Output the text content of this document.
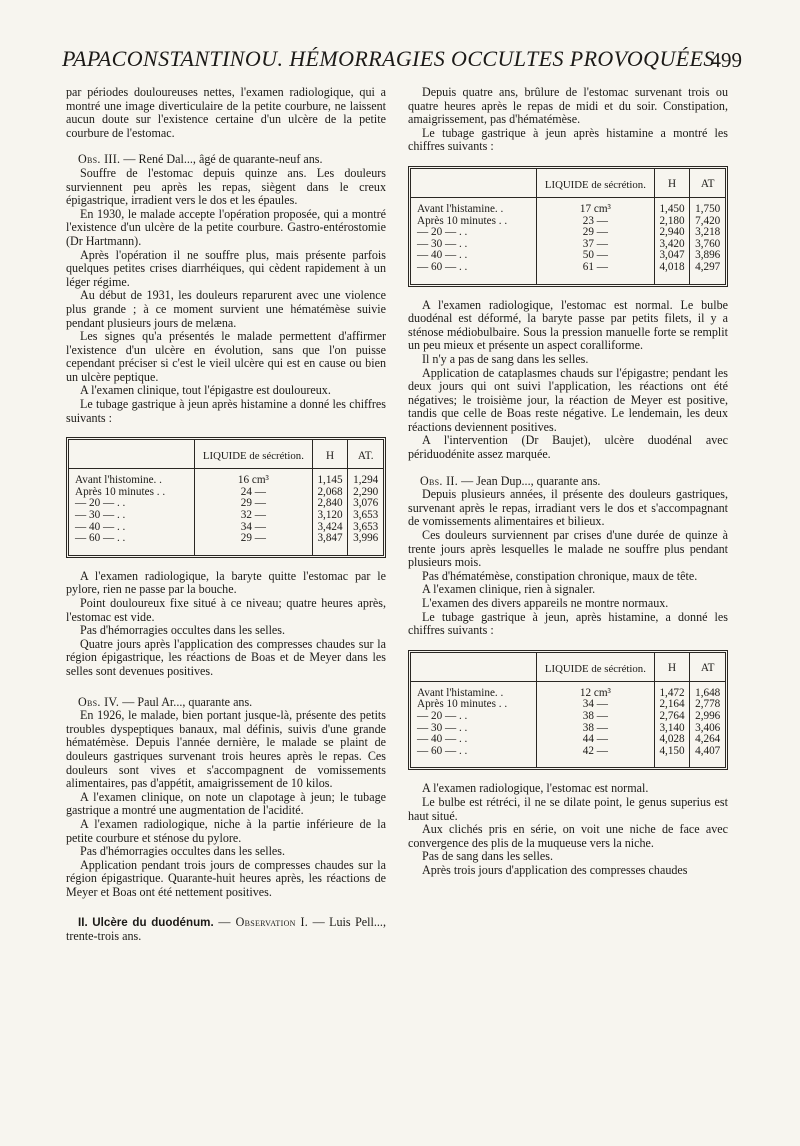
PAPACONSTANTINOU. HÉMORRAGIES OCCULTES PROVOQUÉES
499

par périodes douloureuses nettes, l'examen radiologique, qui a montré une image diverticulaire de la petite courbure, ne laissent aucun doute sur l'existence certaine d'un ulcère de la petite courbure de l'estomac.

Obs. III. — René Dal..., âgé de quarante-neuf ans.

Souffre de l'estomac depuis quinze ans. Les douleurs surviennent peu après les repas, siègent dans le creux épigastrique, irradient vers le dos et les épaules.

En 1930, le malade accepte l'opération proposée, qui a montré l'existence d'un ulcère de la petite courbure. Gastro-entérostomie (Dr Hartmann).

Après l'opération il ne souffre plus, mais présente parfois quelques petites crises diarrhéiques, qui cèdent rapidement à un léger régime.

Au début de 1931, les douleurs reparurent avec une violence plus grande ; à ce moment survient une hématémèse suivie pendant plusieurs jours de melæna.

Les signes qu'a présentés le malade permettent d'affirmer l'existence d'un ulcère en évolution, sans que l'on puisse cependant préciser si c'est le vieil ulcère qui est en cause ou bien un ulcère peptique.

A l'examen clinique, tout l'épigastre est douloureux.

Le tubage gastrique à jeun après histamine a donné les chiffres suivants :

	LIQUIDE de sécrétion.	H	AT.
Avant l'histomine. .	16 cm³	1,145	1,294
Après 10 minutes . .	24 —	2,068	2,290
— 20 — . .	29 —	2,840	3,076
— 30 — . .	32 —	3,120	3,653
— 40 — . .	34 —	3,424	3,653
— 60 — . .	29 —	3,847	3,996

A l'examen radiologique, la baryte quitte l'estomac par le pylore, rien ne passe par la bouche.

Point douloureux fixe situé à ce niveau; quatre heures après, l'estomac est vide.

Pas d'hémorragies occultes dans les selles.

Quatre jours après l'application des compresses chaudes sur la région épigastrique, les réactions de Boas et de Meyer dans les selles sont devenues positives.

Obs. IV. — Paul Ar..., quarante ans.

En 1926, le malade, bien portant jusque-là, présente des petits troubles dyspeptiques banaux, mal définis, suivis d'une grande hématémèse. Depuis l'année dernière, le malade se plaint de douleurs gastriques survenant trois heures après le repas. Ces douleurs sont vives et s'accompagnent de vomissements alimentaires, pas d'appétit, amaigrissement de 10 kilos.

A l'examen clinique, on note un clapotage à jeun; le tubage gastrique a montré une augmentation de l'acidité.

A l'examen radiologique, niche à la partie inférieure de la petite courbure et sténose du pylore.

Pas d'hémorragies occultes dans les selles.

Application pendant trois jours de compresses chaudes sur la région épigastrique. Quarante-huit heures après, les réactions de Meyer et Boas ont été nettement positives.

II. Ulcère du duodénum. — Observation I. — Luis Pell..., trente-trois ans.

Depuis quatre ans, brûlure de l'estomac survenant trois ou quatre heures après le repas de midi et du soir. Constipation, amaigrissement, pas d'hématémèse.

Le tubage gastrique à jeun après histamine a montré les chiffres suivants :

	LIQUIDE de sécrétion.	H	AT
Avant l'histamine. .	17 cm³	1,450	1,750
Après 10 minutes . .	23 —	2,180	7,420
— 20 — . .	29 —	2,940	3,218
— 30 — . .	37 —	3,420	3,760
— 40 — . .	50 —	3,047	3,896
— 60 — . .	61 —	4,018	4,297

A l'examen radiologique, l'estomac est normal. Le bulbe duodénal est déformé, la baryte passe par petits filets, il y a sténose médiobulbaire. Sous la pression manuelle forte se remplit un peu mieux et présente un aspect coralliforme.

Il n'y a pas de sang dans les selles.

Application de cataplasmes chauds sur l'épigastre; pendant les deux jours qui ont suivi l'application, les réactions ont été négatives; le troisième jour, la réaction de Meyer est positive, tandis que celle de Boas reste négative. Le lendemain, les deux réactions deviennent positives.

A l'intervention (Dr Baujet), ulcère duodénal avec périduodénite assez marquée.

Obs. II. — Jean Dup..., quarante ans.

Depuis plusieurs années, il présente des douleurs gastriques, survenant après le repas, irradiant vers le dos et s'accompagnant de vomissements alimentaires et bilieux.

Ces douleurs surviennent par crises d'une durée de quinze à trente jours après lesquelles le malade ne souffre plus pendant plusieurs mois.

Pas d'hématémèse, constipation chronique, maux de tête.

A l'examen clinique, rien à signaler.

L'examen des divers appareils ne montre normaux.

Le tubage gastrique à jeun, après histamine, a donné les chiffres suivants :

	LIQUIDE de sécrétion.	H	AT
Avant l'histamine. .	12 cm³	1,472	1,648
Après 10 minutes . .	34 —	2,164	2,778
— 20 — . .	38 —	2,764	2,996
— 30 — . .	38 —	3,140	3,406
— 40 — . .	44 —	4,028	4,264
— 60 — . .	42 —	4,150	4,407

A l'examen radiologique, l'estomac est normal.

Le bulbe est rétréci, il ne se dilate point, le genus superius est haut situé.

Aux clichés pris en série, on voit une niche de face avec convergence des plis de la muqueuse vers la niche.

Pas de sang dans les selles.

Après trois jours d'application des compresses chaudes
